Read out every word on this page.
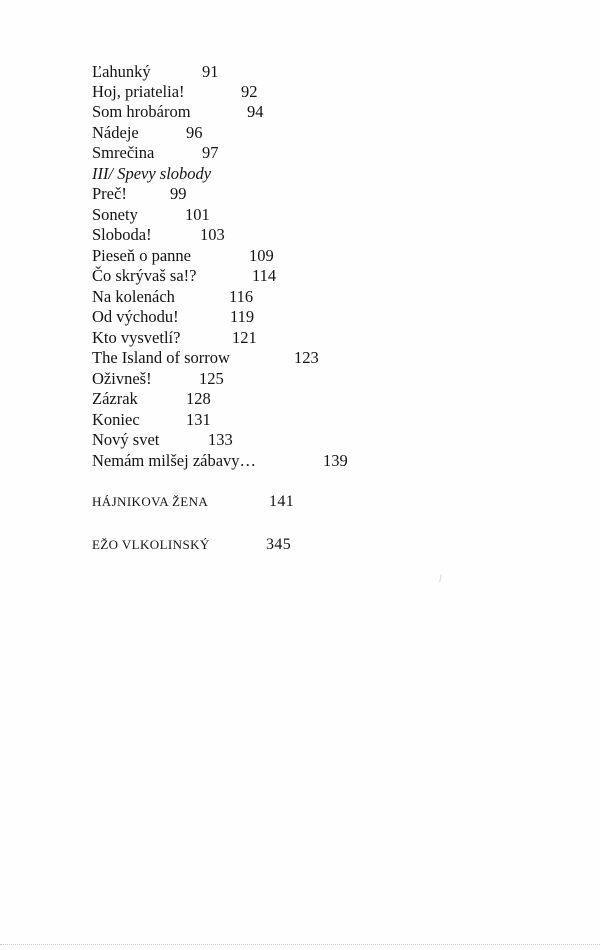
Ľahunký	91
Hoj, priatelia!	92
Som hrobárom	94
Nádeje	96
Smrečina	97
III/ Spevy slobody
Preč!	99
Sonety	101
Sloboda!	103
Pieseň o panne	109
Čo skrývaš sa!?	114
Na kolenách	116
Od východu!	119
Kto vysvetlí?	121
The Island of sorrow	123
Oživneš!	125
Zázrak	128
Koniec	131
Nový svet	133
Nemám milšej zábavy…	139
HÁJNIKOVA ŽENA	141
EŽO VLKOLINSKÝ	345
